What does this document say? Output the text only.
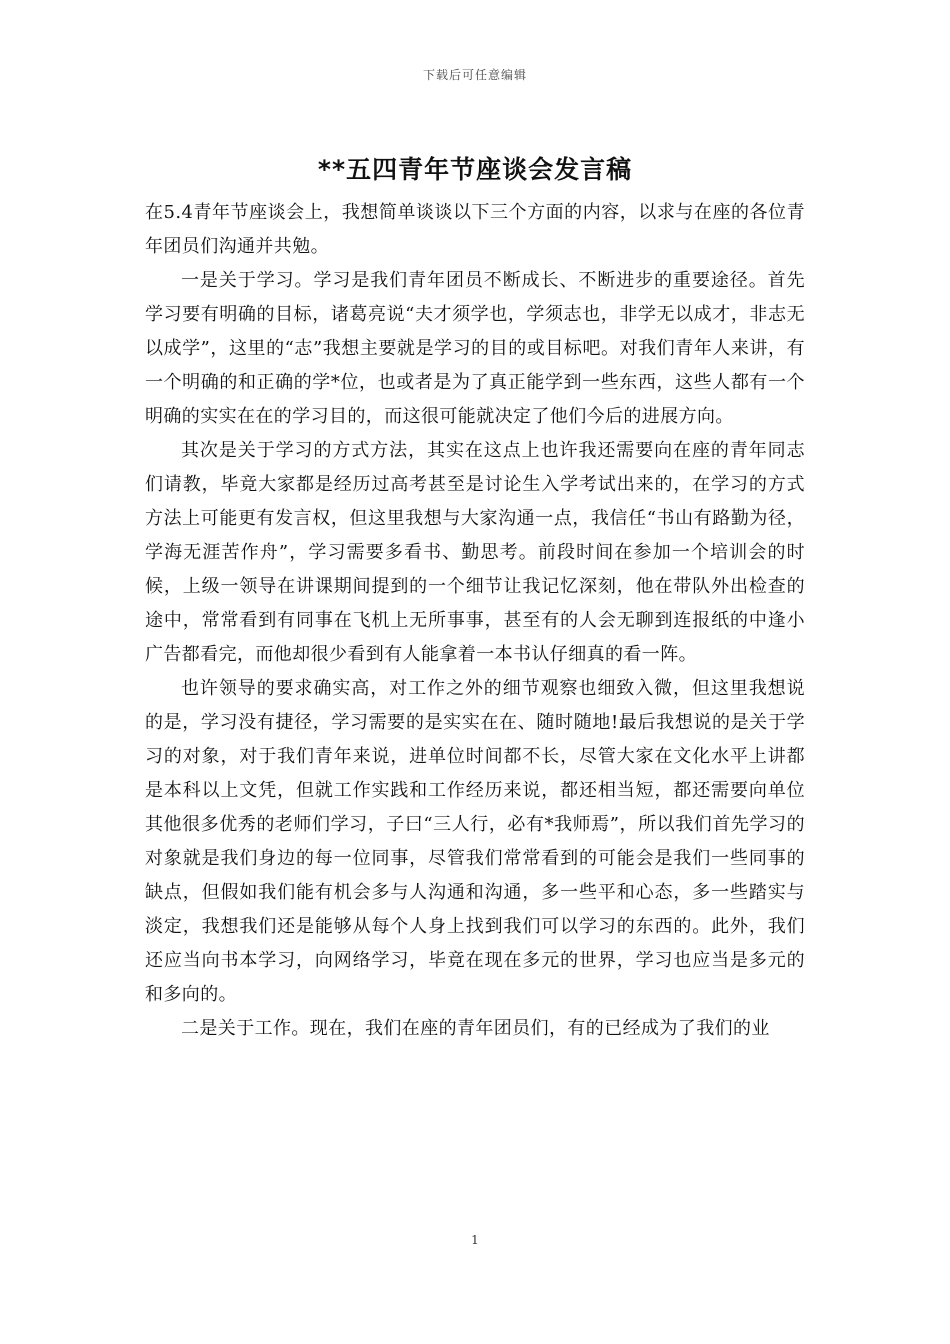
下载后可任意编辑
**五四青年节座谈会发言稿

在5.4青年节座谈会上，我想简单谈谈以下三个方面的内容，以求与在座的各位青年团员们沟通并共勉。

一是关于学习。学习是我们青年团员不断成长、不断进步的重要途径。首先学习要有明确的目标，诸葛亮说“夫才须学也，学须志也，非学无以成才，非志无以成学”，这里的“志”我想主要就是学习的目的或目标吧。对我们青年人来讲，有一个明确的和正确的学*位，也或者是为了真正能学到一些东西，这些人都有一个明确的实实在在的学习目的，而这很可能就决定了他们今后的进展方向。

其次是关于学习的方式方法，其实在这点上也许我还需要向在座的青年同志们请教，毕竟大家都是经历过高考甚至是讨论生入学考试出来的，在学习的方式方法上可能更有发言权，但这里我想与大家沟通一点，我信任“书山有路勤为径，学海无涯苦作舟”，学习需要多看书、勤思考。前段时间在参加一个培训会的时候，上级一领导在讲课期间提到的一个细节让我记忆深刻，他在带队外出检查的途中，常常看到有同事在飞机上无所事事，甚至有的人会无聊到连报纸的中逢小广告都看完，而他却很少看到有人能拿着一本书认仔细真的看一阵。

也许领导的要求确实高，对工作之外的细节观察也细致入微，但这里我想说的是，学习没有捷径，学习需要的是实实在在、随时随地!最后我想说的是关于学习的对象，对于我们青年来说，进单位时间都不长，尽管大家在文化水平上讲都是本科以上文凭，但就工作实践和工作经历来说，都还相当短，都还需要向单位其他很多优秀的老师们学习，子曰“三人行，必有*我师焉”，所以我们首先学习的对象就是我们身边的每一位同事，尽管我们常常看到的可能会是我们一些同事的缺点，但假如我们能有机会多与人沟通和沟通，多一些平和心态，多一些踏实与淡定，我想我们还是能够从每个人身上找到我们可以学习的东西的。此外，我们还应当向书本学习，向网络学习，毕竟在现在多元的世界，学习也应当是多元的和多向的。

二是关于工作。现在，我们在座的青年团员们，有的已经成为了我们的业

1
